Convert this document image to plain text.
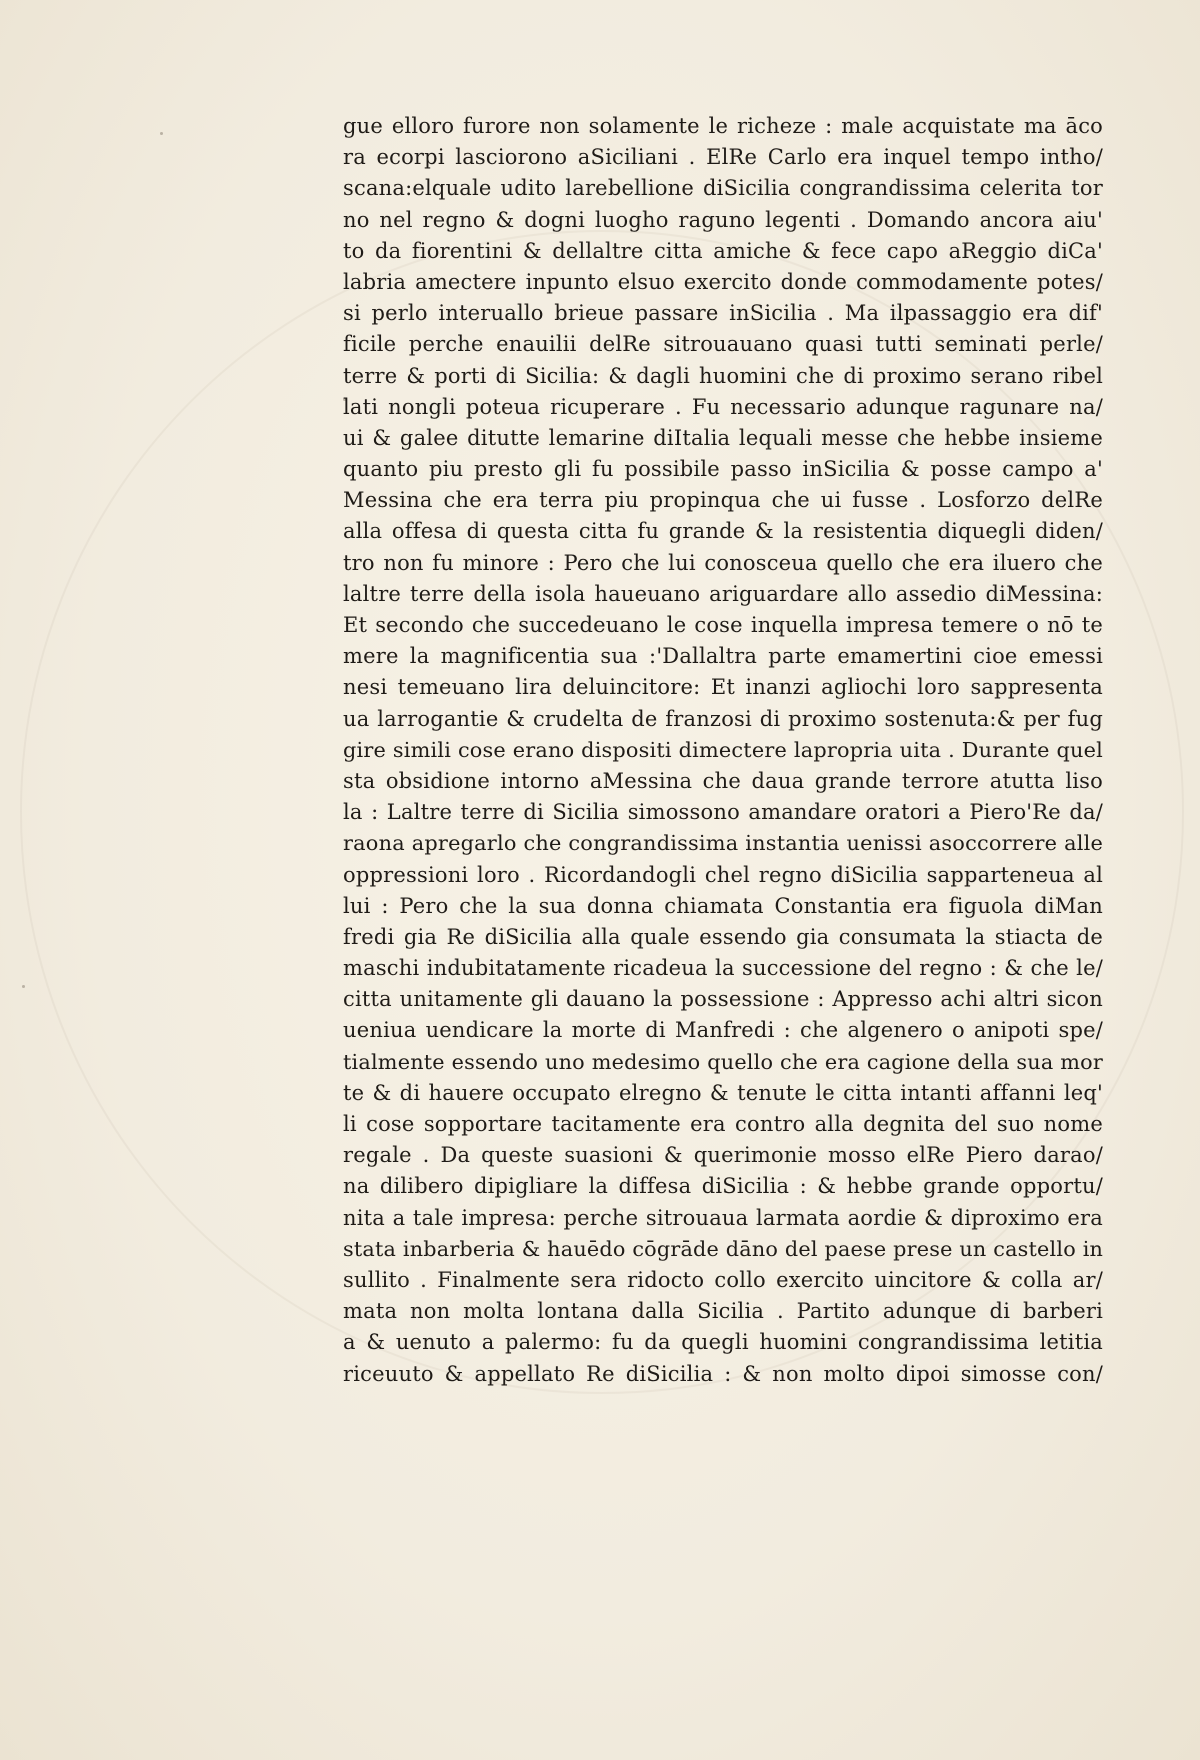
gue elloro furore non solamente le richeze : male acquistate ma āco
ra ecorpi lasciorono aSiciliani . ElRe Carlo era inquel tempo intho/
scana:elquale udito larebellione diSicilia congrandissima celerita tor
no nel regno & dogni luogho raguno legenti . Domando ancora aiu'
to da fiorentini & dellaltre citta amiche & fece capo aReggio diCa'
labria amectere inpunto elsuo exercito donde commodamente potes/
si perlo interuallo brieue passare inSicilia . Ma ilpassaggio era dif'
ficile perche enauilii delRe sitrouauano quasi tutti seminati perle/
terre & porti di Sicilia: & dagli huomini che di proximo serano ribel
lati nongli poteua ricuperare . Fu necessario adunque ragunare na/
ui & galee ditutte lemarine diItalia lequali messe che hebbe insieme
quanto piu presto gli fu possibile passo inSicilia & posse campo a'
Messina che era terra piu propinqua che ui fusse . Losforzo delRe
alla offesa di questa citta fu grande & la resistentia diquegli diden/
tro non fu minore : Pero che lui conosceua quello che era iluero che
laltre terre della isola haueuano ariguardare allo assedio diMessina:
Et secondo che succedeuano le cose inquella impresa temere o nō te
mere la magnificentia sua :'Dallaltra parte emamertini cioe emessi
nesi temeuano lira deluincitore: Et inanzi agliochi loro sappresenta
ua larrogantie & crudelta de franzosi di proximo sostenuta:& per fug
gire simili cose erano dispositi dimectere lapropria uita . Durante quel
sta obsidione intorno aMessina che daua grande terrore atutta liso
la : Laltre terre di Sicilia simossono amandare oratori a Piero'Re da/
raona apregarlo che congrandissima instantia uenissi asoccorrere alle
oppressioni loro . Ricordandogli chel regno diSicilia sapparteneua al
lui : Pero che la sua donna chiamata Constantia era figuola diMan
fredi gia Re diSicilia alla quale essendo gia consumata la stiacta de
maschi indubitatamente ricadeua la successione del regno : & che le/
citta unitamente gli dauano la possessione : Appresso achi altri sicon
ueniua uendicare la morte di Manfredi : che algenero o anipoti spe/
tialmente essendo uno medesimo quello che era cagione della sua mor
te & di hauere occupato elregno & tenute le citta intanti affanni leq'
li cose sopportare tacitamente era contro alla degnita del suo nome
regale . Da queste suasioni & querimonie mosso elRe Piero darao/
na dilibero dipigliare la diffesa diSicilia : & hebbe grande opportu/
nita a tale impresa: perche sitrouaua larmata aordie & diproximo era
stata inbarberia & hauēdo cōgrāde dāno del paese prese un castello in
sullito . Finalmente sera ridocto collo exercito uincitore & colla ar/
mata non molta lontana dalla Sicilia . Partito adunque di barberi
a & uenuto a palermo: fu da quegli huomini congrandissima letitia
riceuuto & appellato Re diSicilia : & non molto dipoi simosse con/
